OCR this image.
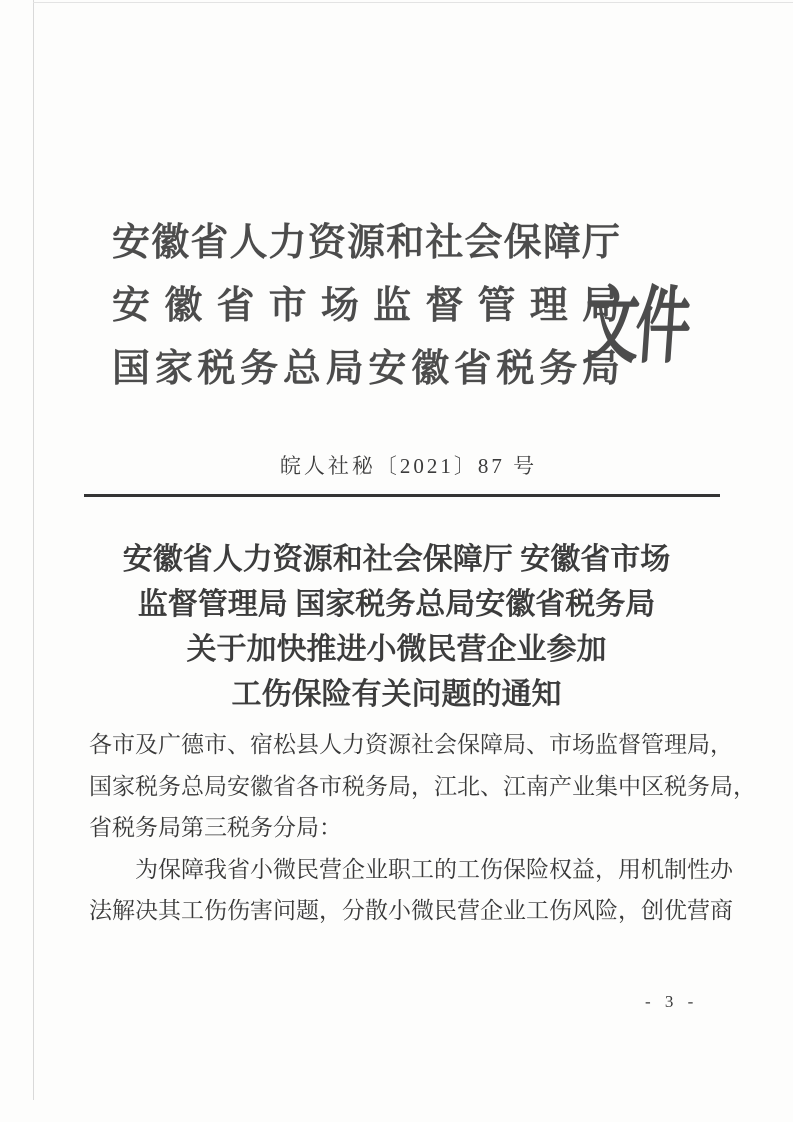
安徽省人力资源和社会保障厅
安徽省市场监督管理局
国家税务总局安徽省税务局
文件
皖人社秘〔2021〕87 号
安徽省人力资源和社会保障厅 安徽省市场
监督管理局 国家税务总局安徽省税务局
关于加快推进小微民营企业参加
工伤保险有关问题的通知
各市及广德市、宿松县人力资源社会保障局、市场监督管理局，
国家税务总局安徽省各市税务局，江北、江南产业集中区税务局，
省税务局第三税务分局：
为保障我省小微民营企业职工的工伤保险权益，用机制性办
法解决其工伤伤害问题，分散小微民营企业工伤风险，创优营商
- 3 -
